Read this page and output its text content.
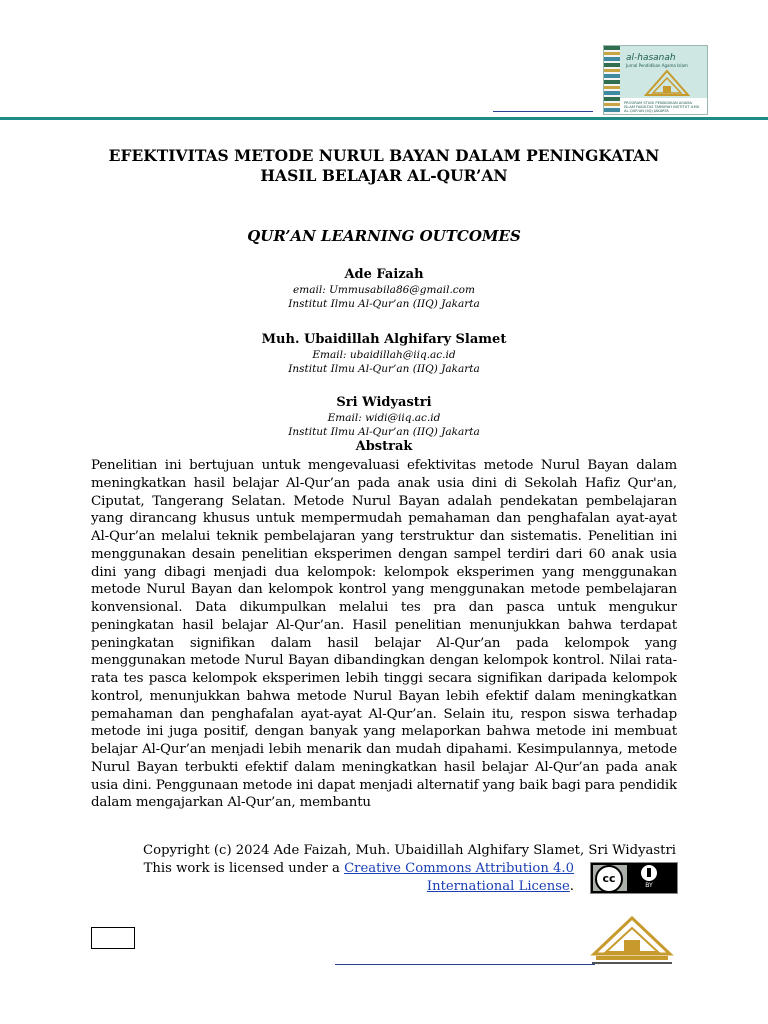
al-hasanah
Jurnal Pendidikan Agama Islam
PROGRAM STUDI PENDIDIKAN AGAMA ISLAM FAKULTAS TARBIYAH INSTITUT ILMU AL-QUR'AN (IIQ) JAKARTA
EFEKTIVITAS METODE NURUL BAYAN DALAM PENINGKATAN
HASIL BELAJAR AL-QUR’AN
QUR’AN LEARNING OUTCOMES
Ade Faizah
email: Ummusabila86@gmail.com
Institut Ilmu Al-Qur’an (IIQ) Jakarta
Muh. Ubaidillah Alghifary Slamet
Email: ubaidillah@iiq.ac.id
Institut Ilmu Al-Qur’an (IIQ) Jakarta
Sri Widyastri
Email: widi@iiq.ac.id
Institut Ilmu Al-Qur’an (IIQ) Jakarta
Abstrak
Penelitian ini bertujuan untuk mengevaluasi efektivitas metode Nurul Bayan dalam meningkatkan hasil belajar Al-Qur’an pada anak usia dini di Sekolah Hafiz Qur'an, Ciputat, Tangerang Selatan. Metode Nurul Bayan adalah pendekatan pembelajaran yang dirancang khusus untuk mempermudah pemahaman dan penghafalan ayat-ayat Al-Qur’an melalui teknik pembelajaran yang terstruktur dan sistematis. Penelitian ini menggunakan desain penelitian eksperimen dengan sampel terdiri dari 60 anak usia dini yang dibagi menjadi dua kelompok: kelompok eksperimen yang menggunakan metode Nurul Bayan dan kelompok kontrol yang menggunakan metode pembelajaran konvensional. Data dikumpulkan melalui tes pra dan pasca untuk mengukur peningkatan hasil belajar Al-Qur’an. Hasil penelitian menunjukkan bahwa terdapat peningkatan signifikan dalam hasil belajar Al-Qur’an pada kelompok yang menggunakan metode Nurul Bayan dibandingkan dengan kelompok kontrol. Nilai rata-rata tes pasca kelompok eksperimen lebih tinggi secara signifikan daripada kelompok kontrol, menunjukkan bahwa metode Nurul Bayan lebih efektif dalam meningkatkan pemahaman dan penghafalan ayat-ayat Al-Qur’an. Selain itu, respon siswa terhadap metode ini juga positif, dengan banyak yang melaporkan bahwa metode ini membuat belajar Al-Qur’an menjadi lebih menarik dan mudah dipahami. Kesimpulannya, metode Nurul Bayan terbukti efektif dalam meningkatkan hasil belajar Al-Qur’an pada anak usia dini. Penggunaan metode ini dapat menjadi alternatif yang baik bagi para pendidik dalam mengajarkan Al-Qur’an, membantu
Copyright (c) 2024 Ade Faizah, Muh. Ubaidillah Alghifary Slamet, Sri Widyastri
This work is licensed under a Creative Commons Attribution 4.0
International License.
cc
BY
